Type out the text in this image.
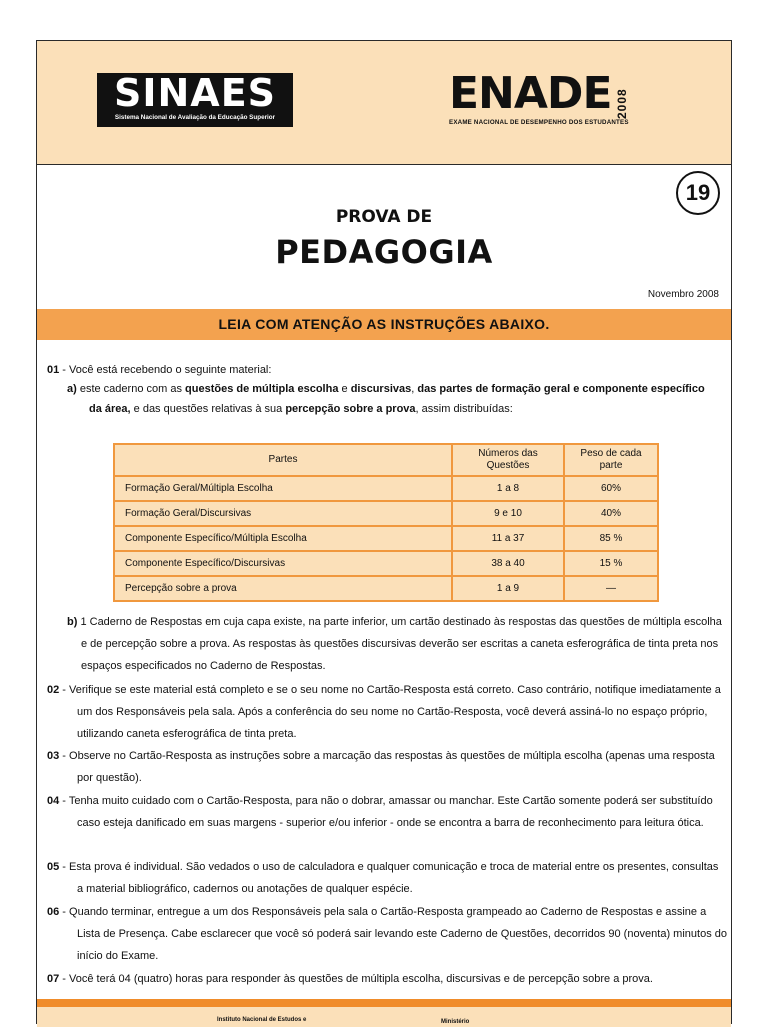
SINAES
Sistema Nacional de Avaliação da Educação Superior	ENADE 2008
EXAME NACIONAL DE DESEMPENHO DOS ESTUDANTES
19
PROVA DE
PEDAGOGIA
Novembro 2008
LEIA COM ATENÇÃO AS INSTRUÇÕES ABAIXO.
01 - Você está recebendo o seguinte material:
a) este caderno com as questões de múltipla escolha e discursivas, das partes de formação geral e componente específico da área, e das questões relativas à sua percepção sobre a prova, assim distribuídas:
Partes	Números das Questões	Peso de cada parte
Formação Geral/Múltipla Escolha	1 a 8	60%
Formação Geral/Discursivas	9 e 10	40%
Componente Específico/Múltipla Escolha	11 a 37	85 %
Componente Específico/Discursivas	38 a 40	15 %
Percepção sobre a prova	1 a 9	—
b) 1 Caderno de Respostas em cuja capa existe, na parte inferior, um cartão destinado às respostas das questões de múltipla escolha e de percepção sobre a prova. As respostas às questões discursivas deverão ser escritas a caneta esferográfica de tinta preta nos espaços especificados no Caderno de Respostas.
02 - Verifique se este material está completo e se o seu nome no Cartão-Resposta está correto. Caso contrário, notifique imediatamente a um dos Responsáveis pela sala. Após a conferência do seu nome no Cartão-Resposta, você deverá assiná-lo no espaço próprio, utilizando caneta esferográfica de tinta preta.
03 - Observe no Cartão-Resposta as instruções sobre a marcação das respostas às questões de múltipla escolha (apenas uma resposta por questão).
04 - Tenha muito cuidado com o Cartão-Resposta, para não o dobrar, amassar ou manchar. Este Cartão somente poderá ser substituído caso esteja danificado em suas margens - superior e/ou inferior - onde se encontra a barra de reconhecimento para leitura ótica.
05 - Esta prova é individual. São vedados o uso de calculadora e qualquer comunicação e troca de material entre os presentes, consultas a material bibliográfico, cadernos ou anotações de qualquer espécie.
06 - Quando terminar, entregue a um dos Responsáveis pela sala o Cartão-Resposta grampeado ao Caderno de Respostas e assine a Lista de Presença. Cabe esclarecer que você só poderá sair levando este Caderno de Questões, decorridos 90 (noventa) minutos do início do Exame.
07 - Você terá 04 (quatro) horas para responder às questões de múltipla escolha, discursivas e de percepção sobre a prova.
Instituto Nacional de Estudos e	Ministério
